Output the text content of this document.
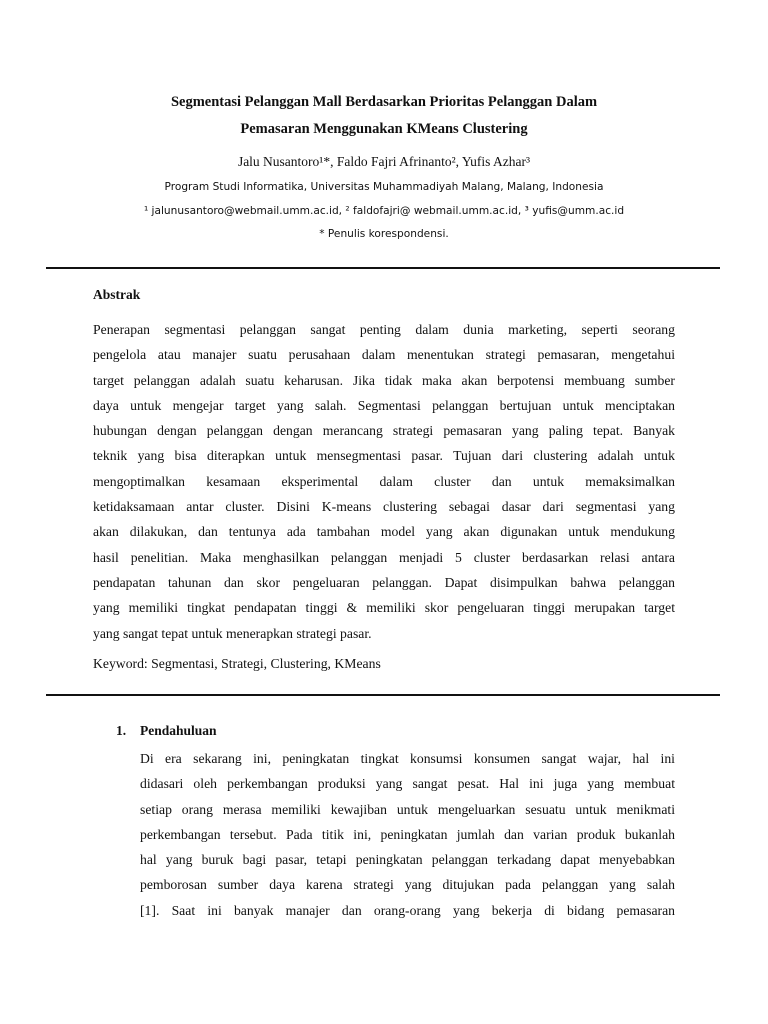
Segmentasi Pelanggan Mall Berdasarkan Prioritas Pelanggan Dalam
Pemasaran Menggunakan KMeans Clustering
Jalu Nusantoro¹*, Faldo Fajri Afrinanto², Yufis Azhar³
Program Studi Informatika, Universitas Muhammadiyah Malang, Malang, Indonesia
¹ jalunusantoro@webmail.umm.ac.id, ² faldofajri@ webmail.umm.ac.id, ³ yufis@umm.ac.id
* Penulis korespondensi.
Abstrak
Penerapan segmentasi pelanggan sangat penting dalam dunia marketing, seperti seorang
pengelola atau manajer suatu perusahaan dalam menentukan strategi pemasaran, mengetahui
target pelanggan adalah suatu keharusan. Jika tidak maka akan berpotensi membuang sumber
daya untuk mengejar target yang salah. Segmentasi pelanggan bertujuan untuk menciptakan
hubungan dengan pelanggan dengan merancang strategi pemasaran yang paling tepat. Banyak
teknik yang bisa diterapkan untuk mensegmentasi pasar. Tujuan dari clustering adalah untuk
mengoptimalkan kesamaan eksperimental dalam cluster dan untuk memaksimalkan
ketidaksamaan antar cluster. Disini K-means clustering sebagai dasar dari segmentasi yang
akan dilakukan, dan tentunya ada tambahan model yang akan digunakan untuk mendukung
hasil penelitian. Maka menghasilkan pelanggan menjadi 5 cluster berdasarkan relasi antara
pendapatan tahunan dan skor pengeluaran pelanggan. Dapat disimpulkan bahwa pelanggan
yang memiliki tingkat pendapatan tinggi & memiliki skor pengeluaran tinggi merupakan target
yang sangat tepat untuk menerapkan strategi pasar.
Keyword: Segmentasi, Strategi, Clustering, KMeans
1. Pendahuluan
Di era sekarang ini, peningkatan tingkat konsumsi konsumen sangat wajar, hal ini
didasari oleh perkembangan produksi yang sangat pesat. Hal ini juga yang membuat
setiap orang merasa memiliki kewajiban untuk mengeluarkan sesuatu untuk menikmati
perkembangan tersebut. Pada titik ini, peningkatan jumlah dan varian produk bukanlah
hal yang buruk bagi pasar, tetapi peningkatan pelanggan terkadang dapat menyebabkan
pemborosan sumber daya karena strategi yang ditujukan pada pelanggan yang salah
[1]. Saat ini banyak manajer dan orang-orang yang bekerja di bidang pemasaran
